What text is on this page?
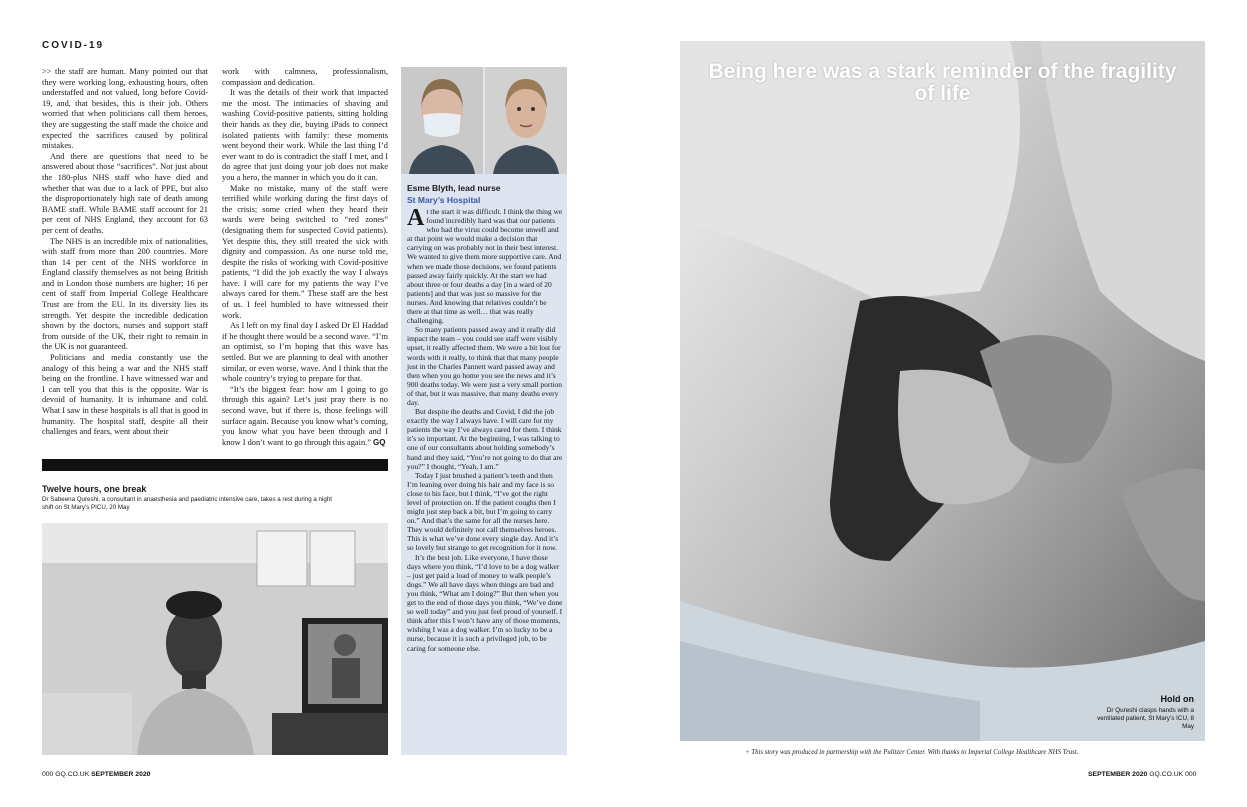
COVID-19

>> the staff are human. Many pointed out that they were working long, exhausting hours, often understaffed and not valued, long before Covid-19, and, that besides, this is their job. Others worried that when politicians call them heroes, they are suggesting the staff made the choice and expected the sacrifices caused by political mistakes.

And there are questions that need to be answered about those “sacrifices”. Not just about the 180-plus NHS staff who have died and whether that was due to a lack of PPE, but also the disproportionately high rate of death among BAME staff. While BAME staff account for 21 per cent of NHS England, they account for 63 per cent of deaths.

The NHS is an incredible mix of nationalities, with staff from more than 200 countries. More than 14 per cent of the NHS workforce in England classify themselves as not being British and in London those numbers are higher; 16 per cent of staff from Imperial College Healthcare Trust are from the EU. In its diversity lies its strength. Yet despite the incredible dedication shown by the doctors, nurses and support staff from outside of the UK, their right to remain in the UK is not guaranteed.

Politicians and media constantly use the analogy of this being a war and the NHS staff being on the frontline. I have witnessed war and I can tell you that this is the opposite. War is devoid of humanity. It is inhumane and cold. What I saw in these hospitals is all that is good in humanity. The hospital staff, despite all their challenges and fears, went about their

work with calmness, professionalism, compassion and dedication.

It was the details of their work that impacted me the most. The intimacies of shaving and washing Covid-positive patients, sitting holding their hands as they die, buying iPads to connect isolated patients with family: these moments went beyond their work. While the last thing I’d ever want to do is contradict the staff I met, and I do agree that just doing your job does not make you a hero, the manner in which you do it can.

Make no mistake, many of the staff were terrified while working during the first days of the crisis; some cried when they heard their wards were being switched to “red zones” (designating them for suspected Covid patients). Yet despite this, they still treated the sick with dignity and compassion. As one nurse told me, despite the risks of working with Covid-positive patients, “I did the job exactly the way I always have. I will care for my patients the way I’ve always cared for them.” These staff are the best of us. I feel humbled to have witnessed their work.

As I left on my final day I asked Dr El Haddad if he thought there would be a second wave. “I’m an optimist, so I’m hoping that this wave has settled. But we are planning to deal with another similar, or even worse, wave. And I think that the whole country’s trying to prepare for that.

“It’s the biggest fear: how am I going to go through this again? Let’s just pray there is no second wave, but if there is, those feelings will surface again. Because you know what’s coming, you know what you have been through and I know I don’t want to go through this again.” GQ

Twelve hours, one break
Dr Sabeena Qureshi, a consultant in anaesthesia and paediatric intensive care, takes a rest during a night shift on St Mary’s PICU, 20 May
Esme Blyth, lead nurse
St Mary’s Hospital

At the start it was difficult. I think the thing we found incredibly hard was that our patients who had the virus could become unwell and at that point we would make a decision that carrying on was probably not in their best interest. We wanted to give them more supportive care. And when we made those decisions, we found patients passed away fairly quickly. At the start we had about three or four deaths a day [in a ward of 20 patients] and that was just so massive for the nurses. And knowing that relatives couldn’t be there at that time as well… that was really challenging.

So many patients passed away and it really did impact the team – you could see staff were visibly upset, it really affected them. We were a bit lost for words with it really, to think that that many people just in the Charles Pannett ward passed away and then when you go home you see the news and it’s 900 deaths today. We were just a very small portion of that, but it was massive, that many deaths every day.

But despite the deaths and Covid, I did the job exactly the way I always have. I will care for my patients the way I’ve always cared for them. I think it’s so important. At the beginning, I was talking to one of our consultants about holding somebody’s hand and they said, “You’re not going to do that are you?” I thought, “Yeah, I am.”

Today I just brushed a patient’s teeth and then I’m leaning over doing his hair and my face is so close to his face, but I think, “I’ve got the right level of protection on. If the patient coughs then I might just step back a bit, but I’m going to carry on.” And that’s the same for all the nurses here. They would definitely not call themselves heroes. This is what we’ve done every single day. And it’s so lovely but strange to get recognition for it now.

It’s the best job. Like everyone, I have those days where you think, “I’d love to be a dog walker – just get paid a load of money to walk people’s dogs.” We all have days when things are bad and you think, “What am I doing?” But then when you get to the end of those days you think, “We’ve done so well today” and you just feel proud of yourself. I think after this I won’t have any of those moments, wishing I was a dog walker. I’m so lucky to be a nurse, because it is such a privileged job, to be caring for someone else.

Being here was a stark reminder of the fragility of life
Hold on
Dr Qureshi clasps hands with a ventilated patient, St Mary’s ICU, 8 May
+ This story was produced in partnership with the Pulitzer Center. With thanks to Imperial College Healthcare NHS Trust.
000 GQ.CO.UK SEPTEMBER 2020	SEPTEMBER 2020 GQ.CO.UK 000
